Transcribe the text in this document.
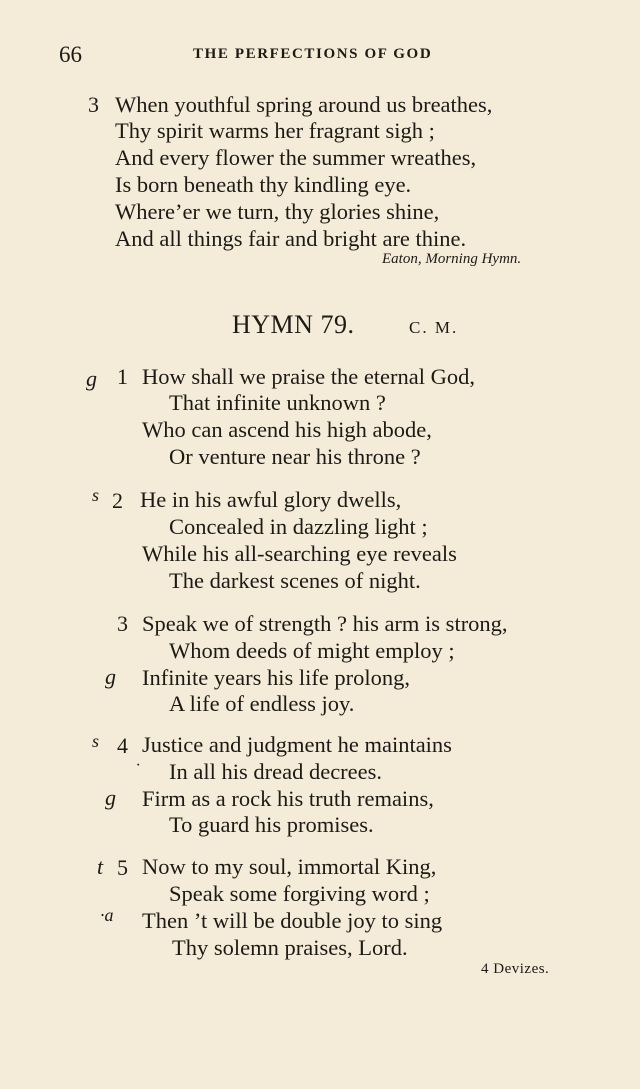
66	THE PERFECTIONS OF GOD
3 When youthful spring around us breathes,
Thy spirit warms her fragrant sigh ;
And every flower the summer wreathes,
Is born beneath thy kindling eye.
Where’er we turn, thy glories shine,
And all things fair and bright are thine.
Eaton, Morning Hymn.
HYMN 79.	C. M.
g 1 How shall we praise the eternal God,
That infinite unknown ?
Who can ascend his high abode,
Or venture near his throne ?
s 2 He in his awful glory dwells,
Concealed in dazzling light ;
While his all-searching eye reveals
The darkest scenes of night.
3 Speak we of strength ? his arm is strong,
Whom deeds of might employ ;
g Infinite years his life prolong,
A life of endless joy.
s 4 Justice and judgment he maintains
· In all his dread decrees.
g Firm as a rock his truth remains,
To guard his promises.
t 5 Now to my soul, immortal King,
Speak some forgiving word ;
·a Then ’t will be double joy to sing
Thy solemn praises, Lord.
4 Devizes.
